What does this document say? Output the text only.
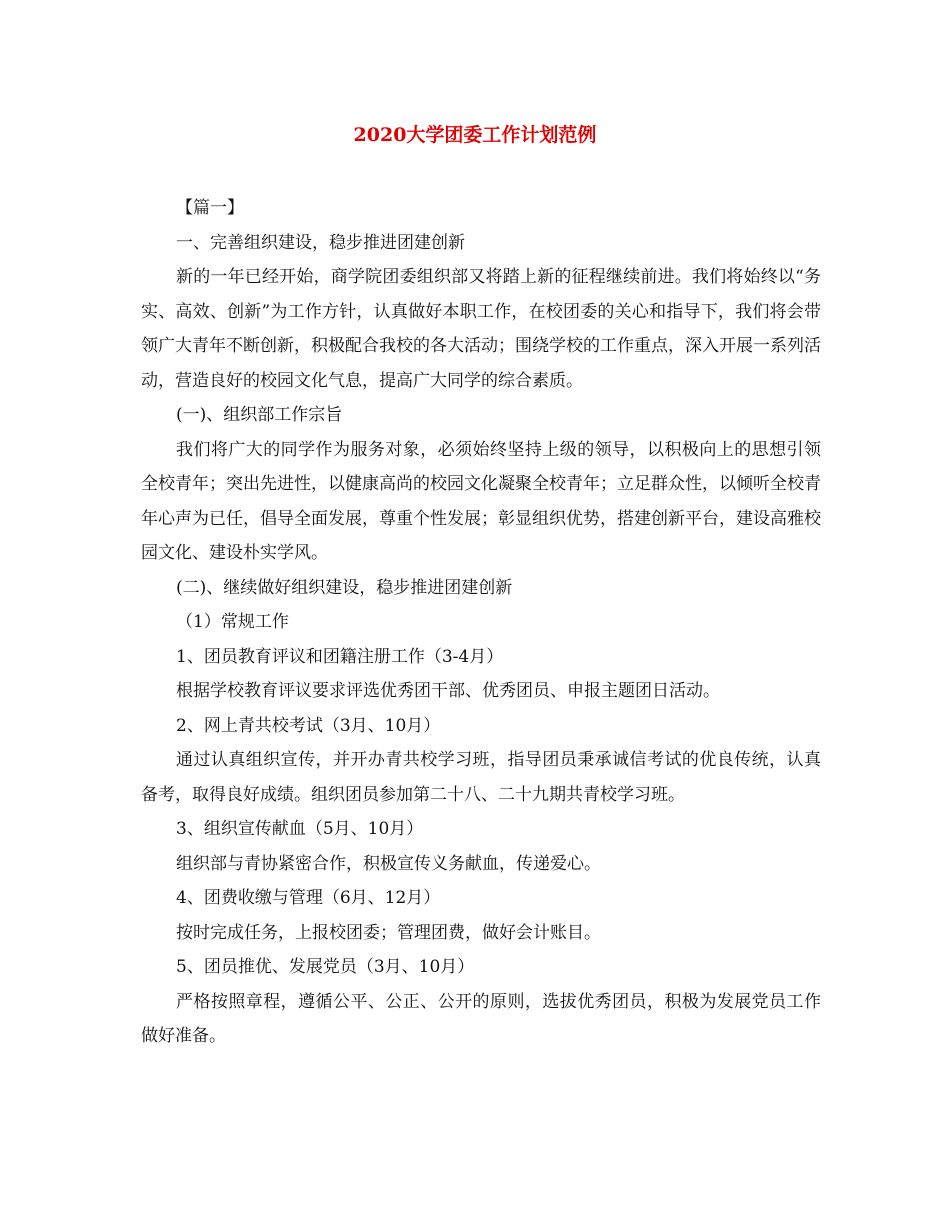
2020大学团委工作计划范例

【篇一】

一、完善组织建设，稳步推进团建创新

新的一年已经开始，商学院团委组织部又将踏上新的征程继续前进。我们将始终以“务实、高效、创新”为工作方针，认真做好本职工作，在校团委的关心和指导下，我们将会带领广大青年不断创新，积极配合我校的各大活动；围绕学校的工作重点，深入开展一系列活动，营造良好的校园文化气息，提高广大同学的综合素质。

(一)、组织部工作宗旨

我们将广大的同学作为服务对象，必须始终坚持上级的领导，以积极向上的思想引领全校青年；突出先进性，以健康高尚的校园文化凝聚全校青年；立足群众性，以倾听全校青年心声为已任，倡导全面发展，尊重个性发展；彰显组织优势，搭建创新平台，建设高雅校园文化、建设朴实学风。

(二)、继续做好组织建设，稳步推进团建创新

（1）常规工作

1、团员教育评议和团籍注册工作（3-4月）

根据学校教育评议要求评选优秀团干部、优秀团员、申报主题团日活动。

2、网上青共校考试（3月、10月）

通过认真组织宣传，并开办青共校学习班，指导团员秉承诚信考试的优良传统，认真备考，取得良好成绩。组织团员参加第二十八、二十九期共青校学习班。

3、组织宣传献血（5月、10月）

组织部与青协紧密合作，积极宣传义务献血，传递爱心。

4、团费收缴与管理（6月、12月）

按时完成任务，上报校团委；管理团费，做好会计账目。

5、团员推优、发展党员（3月、10月）

严格按照章程，遵循公平、公正、公开的原则，选拔优秀团员，积极为发展党员工作做好准备。
